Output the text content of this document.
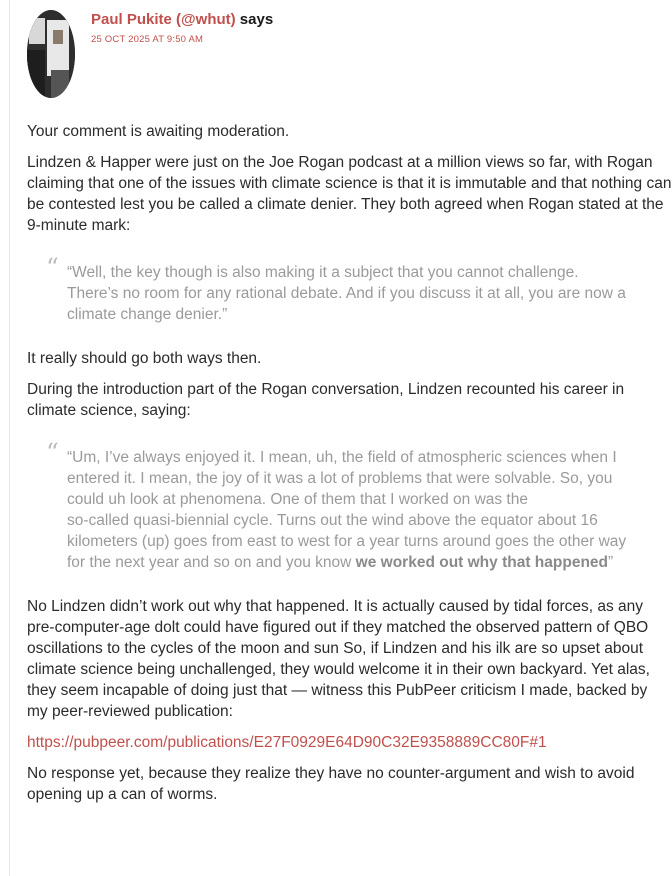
Paul Pukite (@whut) says
25 OCT 2025 AT 9:50 AM

Your comment is awaiting moderation.

Lindzen & Happer were just on the Joe Rogan podcast at a million views so far, with Rogan claiming that one of the issues with climate science is that it is immutable and that nothing can be contested lest you be called a climate denier. They both agreed when Rogan stated at the 9-minute mark:

“ “Well, the key though is also making it a subject that you cannot challenge. There’s no room for any rational debate. And if you discuss it at all, you are now a climate change denier.”

It really should go both ways then.

During the introduction part of the Rogan conversation, Lindzen recounted his career in climate science, saying:

“ “Um, I’ve always enjoyed it. I mean, uh, the field of atmospheric sciences when I entered it. I mean, the joy of it was a lot of problems that were solvable. So, you could uh look at phenomena. One of them that I worked on was the
so-called quasi-biennial cycle. Turns out the wind above the equator about 16 kilometers (up) goes from east to west for a year turns around goes the other way for the next year and so on and you know we worked out why that happened”

No Lindzen didn’t work out why that happened. It is actually caused by tidal forces, as any pre-computer-age dolt could have figured out if they matched the observed pattern of QBO oscillations to the cycles of the moon and sun So, if Lindzen and his ilk are so upset about climate science being unchallenged, they would welcome it in their own backyard. Yet alas, they seem incapable of doing just that — witness this PubPeer criticism I made, backed by my peer-reviewed publication:

https://pubpeer.com/publications/E27F0929E64D90C32E9358889CC80F#1

No response yet, because they realize they have no counter-argument and wish to avoid opening up a can of worms.
